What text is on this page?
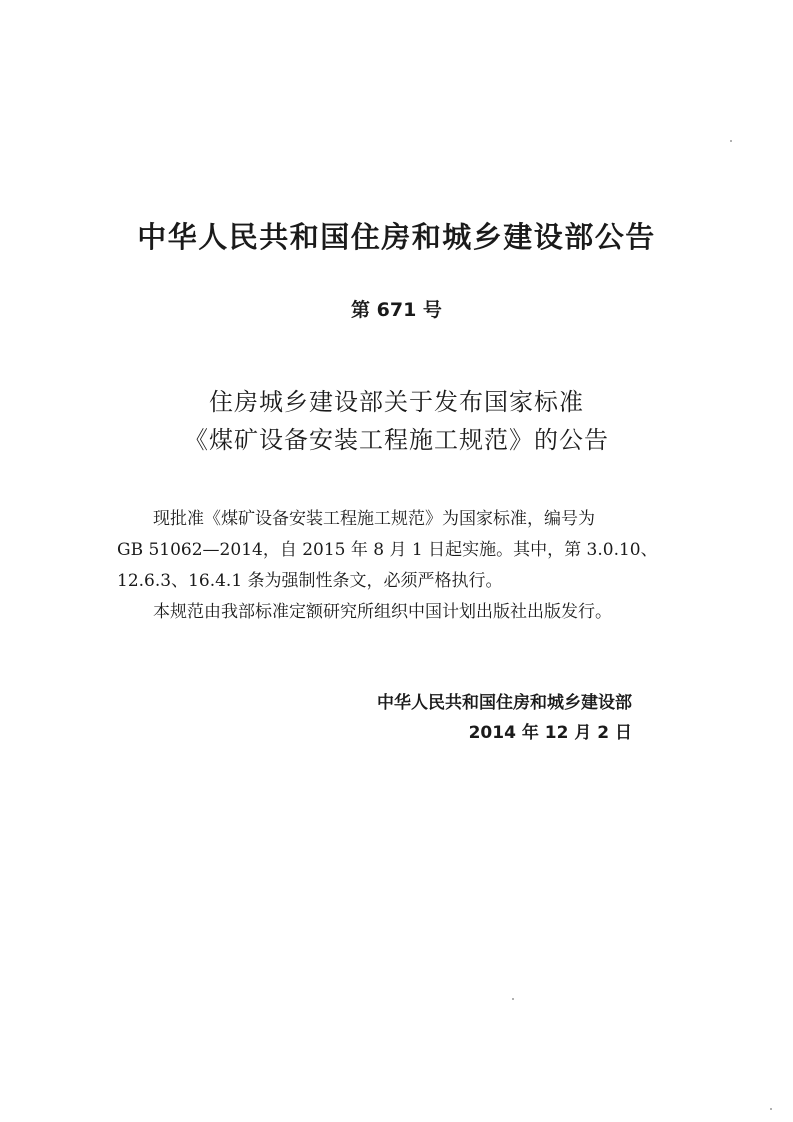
中华人民共和国住房和城乡建设部公告
第 671 号
住房城乡建设部关于发布国家标准
《煤矿设备安装工程施工规范》的公告

现批准《煤矿设备安装工程施工规范》为国家标准，编号为

GB 51062—2014，自 2015 年 8 月 1 日起实施。其中，第 3.0.10、

12.6.3、16.4.1 条为强制性条文，必须严格执行。

本规范由我部标准定额研究所组织中国计划出版社出版发行。

中华人民共和国住房和城乡建设部
2014 年 12 月 2 日
